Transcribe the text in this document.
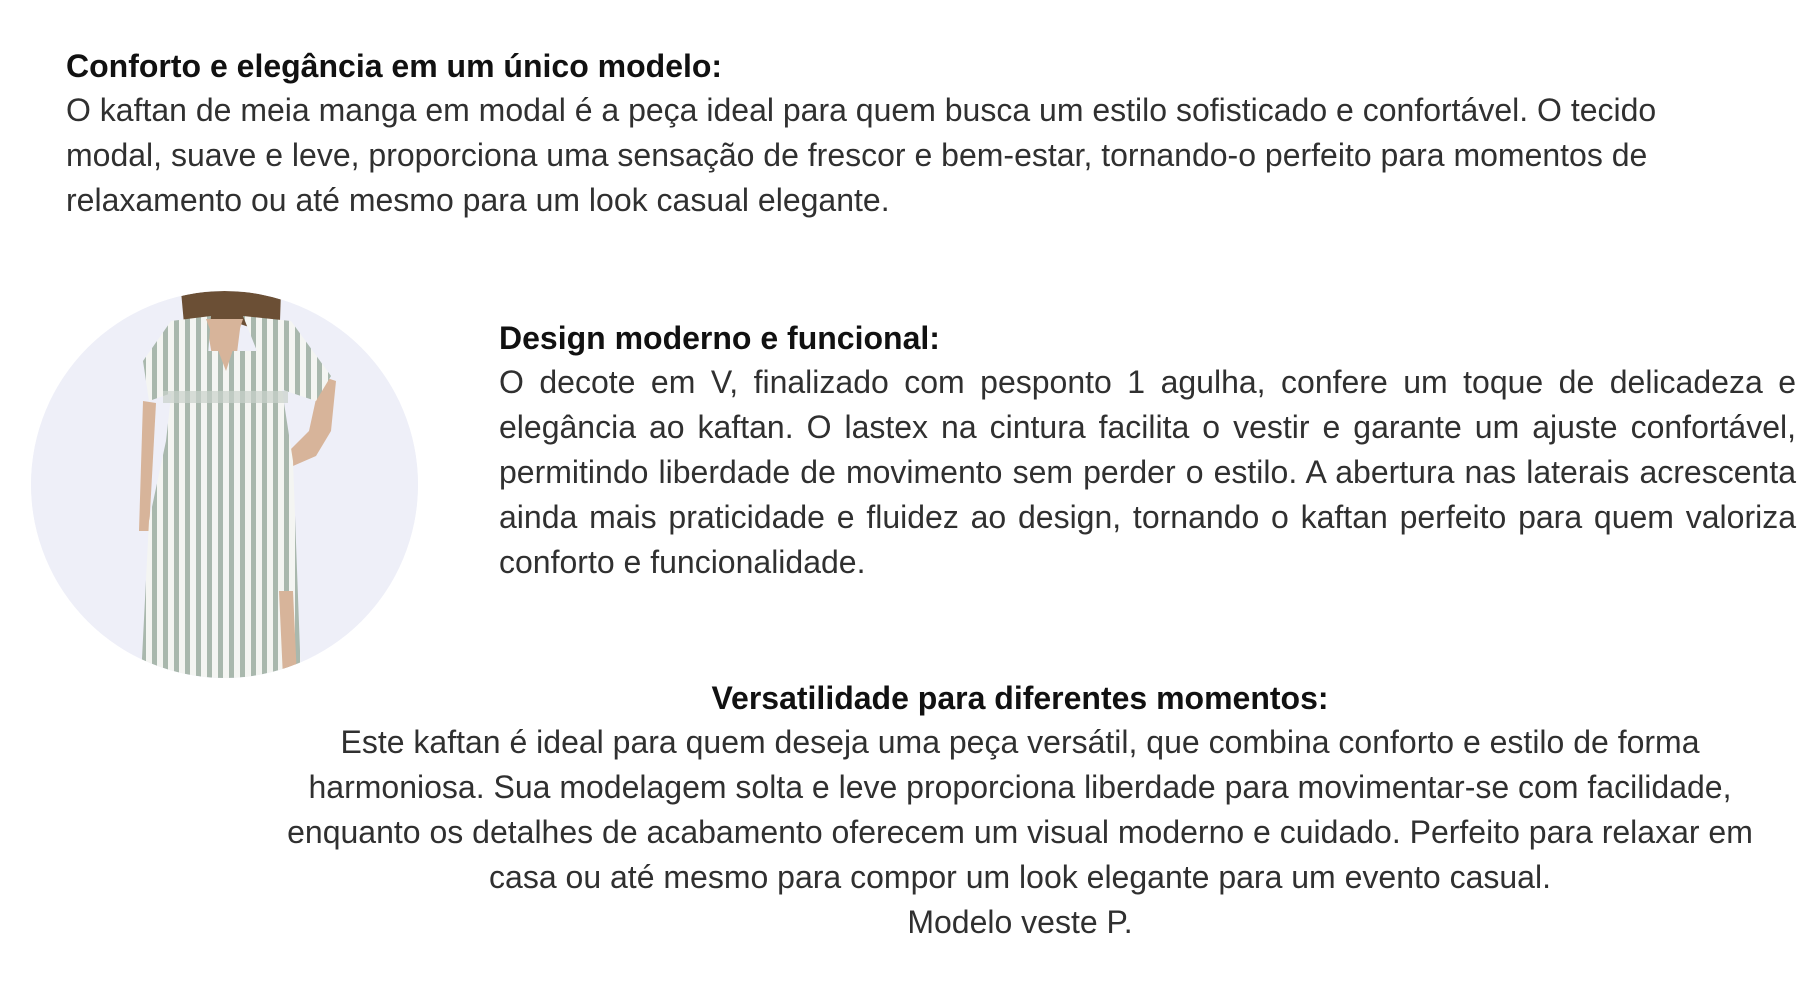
Conforto e elegância em um único modelo:

O kaftan de meia manga em modal é a peça ideal para quem busca um estilo sofisticado e confortável. O tecido modal, suave e leve, proporciona uma sensação de frescor e bem-estar, tornando-o perfeito para momentos de relaxamento ou até mesmo para um look casual elegante.

Design moderno e funcional:

O decote em V, finalizado com pesponto 1 agulha, confere um toque de delicadeza e elegância ao kaftan. O lastex na cintura facilita o vestir e garante um ajuste confortável, permitindo liberdade de movimento sem perder o estilo. A abertura nas laterais acrescenta ainda mais praticidade e fluidez ao design, tornando o kaftan perfeito para quem valoriza conforto e funcionalidade.

Versatilidade para diferentes momentos:

Este kaftan é ideal para quem deseja uma peça versátil, que combina conforto e estilo de forma harmoniosa. Sua modelagem solta e leve proporciona liberdade para movimentar-se com facilidade, enquanto os detalhes de acabamento oferecem um visual moderno e cuidado. Perfeito para relaxar em casa ou até mesmo para compor um look elegante para um evento casual.

Modelo veste P.
